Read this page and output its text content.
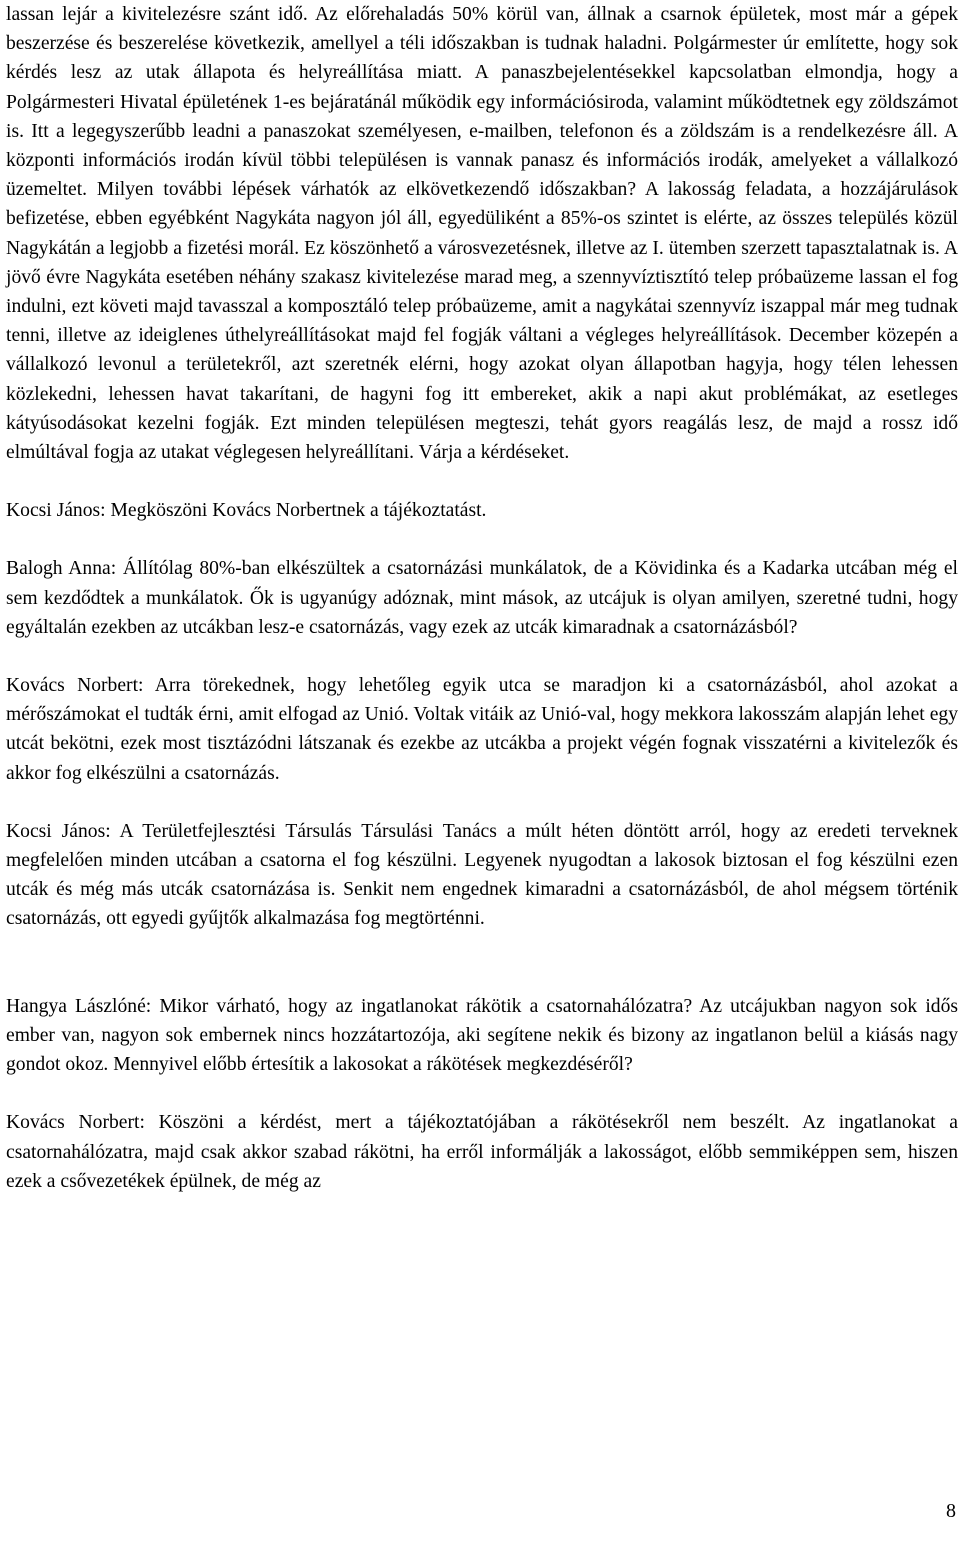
lassan lejár a kivitelezésre szánt idő. Az előrehaladás 50% körül van, állnak a csarnok épületek, most már a gépek beszerzése és beszerelése következik, amellyel a téli időszakban is tudnak haladni. Polgármester úr említette, hogy sok kérdés lesz az utak állapota és helyreállítása miatt. A panaszbejelentésekkel kapcsolatban elmondja, hogy a Polgármesteri Hivatal épületének 1-es bejáratánál működik egy információsiroda, valamint működtetnek egy zöldszámot is. Itt a legegyszerűbb leadni a panaszokat személyesen, e-mailben, telefonon és a zöldszám is a rendelkezésre áll. A központi információs irodán kívül többi településen is vannak panasz és információs irodák, amelyeket a vállalkozó üzemeltet. Milyen további lépések várhatók az elkövetkezendő időszakban? A lakosság feladata, a hozzájárulások befizetése, ebben egyébként Nagykáta nagyon jól áll, egyedüliként a 85%-os szintet is elérte, az összes település közül Nagykátán a legjobb a fizetési morál. Ez köszönhető a városvezetésnek, illetve az I. ütemben szerzett tapasztalatnak is. A jövő évre Nagykáta esetében néhány szakasz kivitelezése marad meg, a szennyvíztisztító telep próbaüzeme lassan el fog indulni, ezt követi majd tavasszal a komposztáló telep próbaüzeme, amit a nagykátai szennyvíz iszappal már meg tudnak tenni, illetve az ideiglenes úthelyreállításokat majd fel fogják váltani a végleges helyreállítások. December közepén a vállalkozó levonul a területekről, azt szeretnék elérni, hogy azokat olyan állapotban hagyja, hogy télen lehessen közlekedni, lehessen havat takarítani, de hagyni fog itt embereket, akik a napi akut problémákat, az esetleges kátyúsodásokat kezelni fogják. Ezt minden településen megteszi, tehát gyors reagálás lesz, de majd a rossz idő elmúltával fogja az utakat véglegesen helyreállítani. Várja a kérdéseket.

Kocsi János: Megköszöni Kovács Norbertnek a tájékoztatást.

Balogh Anna: Állítólag 80%-ban elkészültek a csatornázási munkálatok, de a Kövidinka és a Kadarka utcában még el sem kezdődtek a munkálatok. Ők is ugyanúgy adóznak, mint mások, az utcájuk is olyan amilyen, szeretné tudni, hogy egyáltalán ezekben az utcákban lesz-e csatornázás, vagy ezek az utcák kimaradnak a csatornázásból?

Kovács Norbert: Arra törekednek, hogy lehetőleg egyik utca se maradjon ki a csatornázásból, ahol azokat a mérőszámokat el tudták érni, amit elfogad az Unió. Voltak vitáik az Unió-val, hogy mekkora lakosszám alapján lehet egy utcát bekötni, ezek most tisztázódni látszanak és ezekbe az utcákba a projekt végén fognak visszatérni a kivitelezők és akkor fog elkészülni a csatornázás.

Kocsi János: A Területfejlesztési Társulás Társulási Tanács a múlt héten döntött arról, hogy az eredeti terveknek megfelelően minden utcában a csatorna el fog készülni. Legyenek nyugodtan a lakosok biztosan el fog készülni ezen utcák és még más utcák csatornázása is. Senkit nem engednek kimaradni a csatornázásból, de ahol mégsem történik csatornázás, ott egyedi gyűjtők alkalmazása fog megtörténni.

Hangya Lászlóné: Mikor várható, hogy az ingatlanokat rákötik a csatornahálózatra? Az utcájukban nagyon sok idős ember van, nagyon sok embernek nincs hozzátartozója, aki segítene nekik és bizony az ingatlanon belül a kiásás nagy gondot okoz. Mennyivel előbb értesítik a lakosokat a rákötések megkezdéséről?

Kovács Norbert: Köszöni a kérdést, mert a tájékoztatójában a rákötésekről nem beszélt. Az ingatlanokat a csatornahálózatra, majd csak akkor szabad rákötni, ha erről informálják a lakosságot, előbb semmiképpen sem, hiszen ezek a csővezetékek épülnek, de még az

8
